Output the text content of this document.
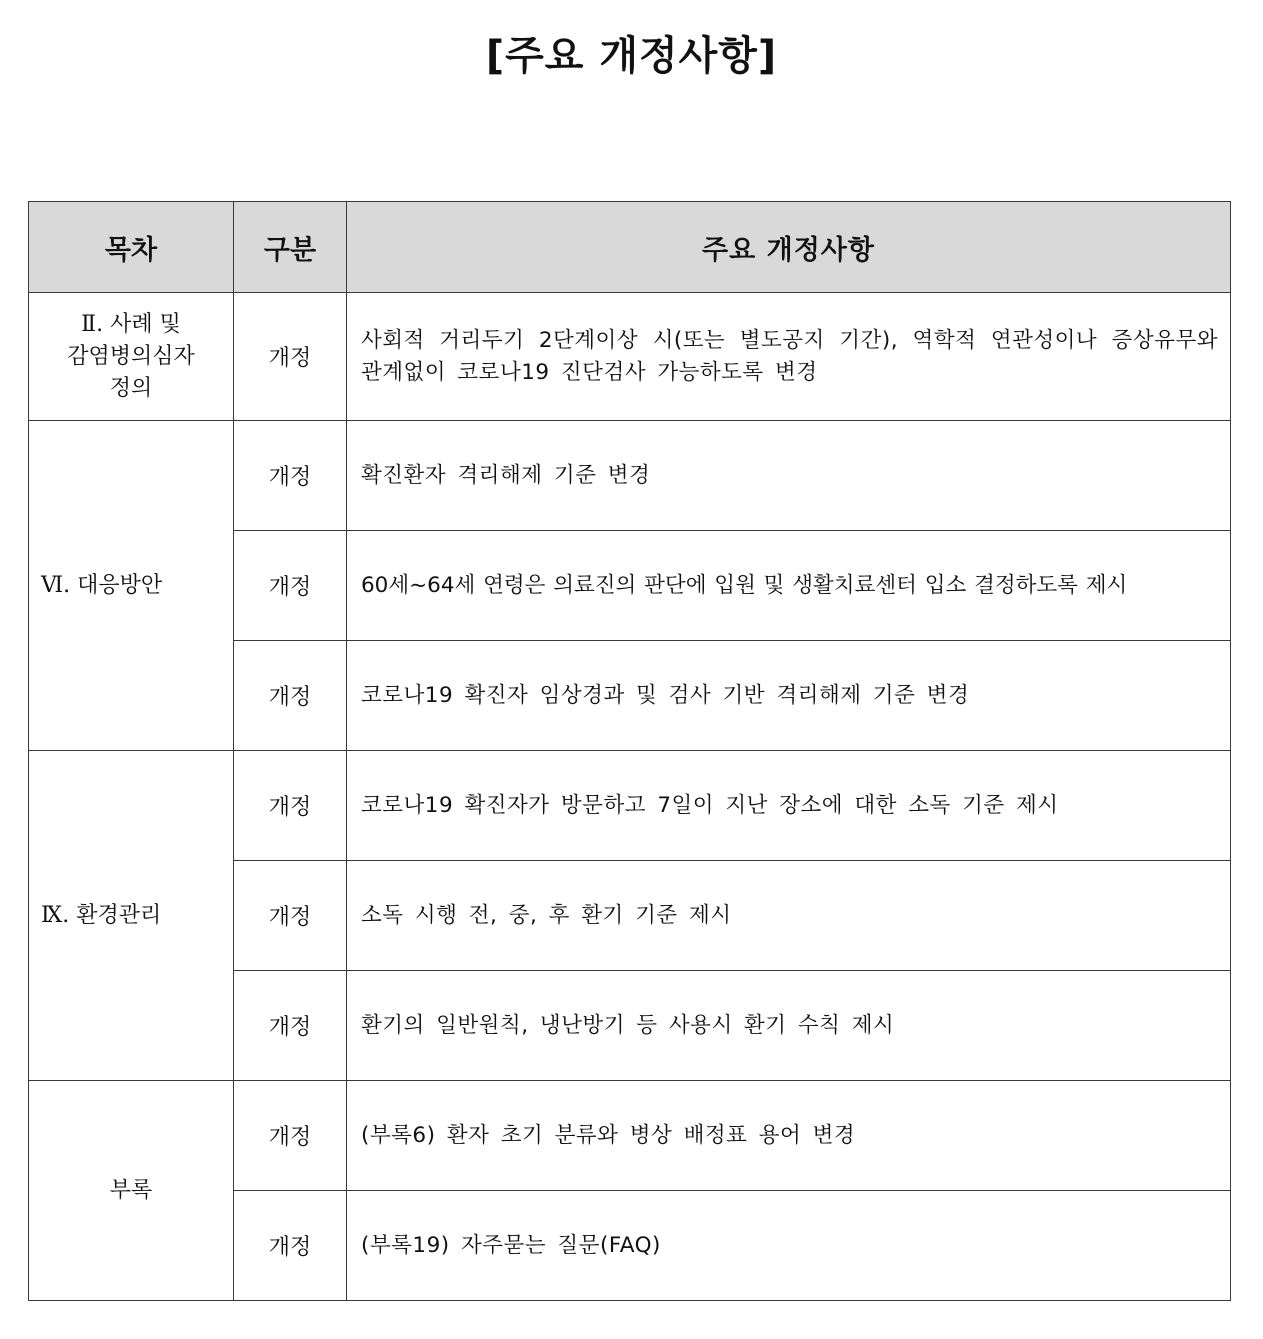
[주요 개정사항]
목차	구분	주요 개정사항

Ⅱ. 사례 및
감염병의심자
정의	개정	사회적 거리두기 2단계이상 시(또는 별도공지 기간), 역학적 연관성이나 증상유무와 관계없이 코로나19 진단검사 가능하도록 변경
Ⅵ. 대응방안	개정	확진환자 격리해제 기준 변경
	개정	60세~64세 연령은 의료진의 판단에 입원 및 생활치료센터 입소 결정하도록 제시
	개정	코로나19 확진자 임상경과 및 검사 기반 격리해제 기준 변경
Ⅸ. 환경관리	개정	코로나19 확진자가 방문하고 7일이 지난 장소에 대한 소독 기준 제시
	개정	소독 시행 전, 중, 후 환기 기준 제시
	개정	환기의 일반원칙, 냉난방기 등 사용시 환기 수칙 제시
부록	개정	(부록6) 환자 초기 분류와 병상 배정표 용어 변경
	개정	(부록19) 자주묻는 질문(FAQ)
